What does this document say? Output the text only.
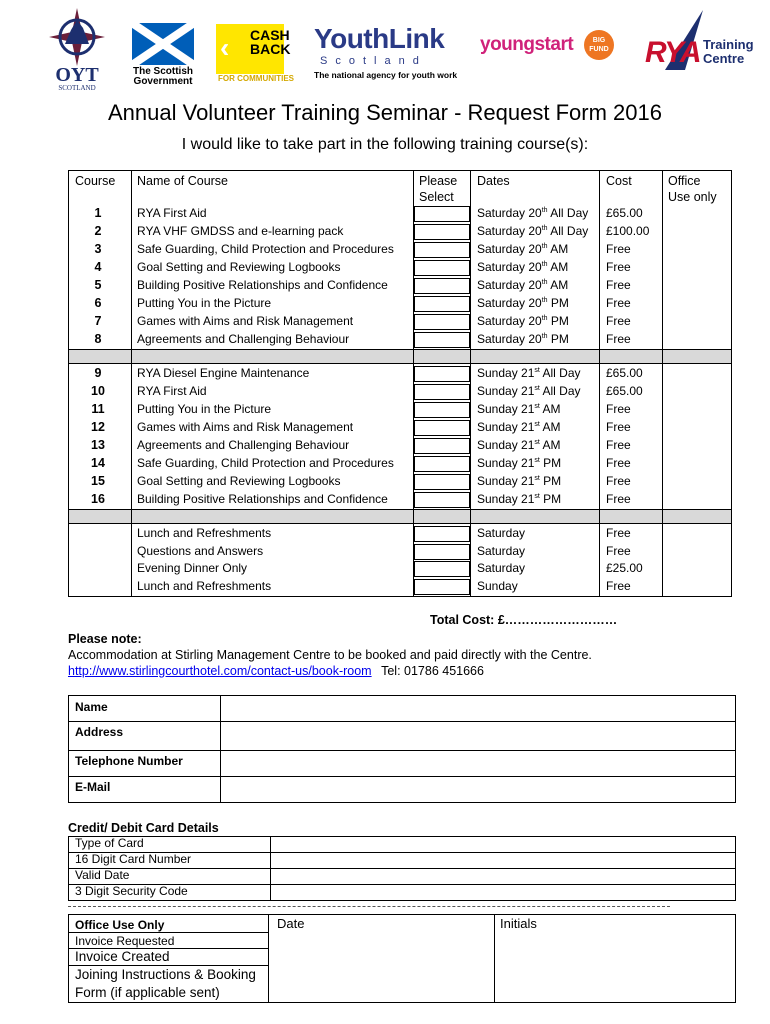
OYT
SCOTLAND
The Scottish
Government
‹ CASH
BACK
FOR COMMUNITIES
YouthLink
Scotland
The national agency for youth work
youngstart	BIG
FUND RYA Training
Centre
Annual Volunteer Training Seminar - Request Form 2016
I would like to take part in the following training course(s):
Course Name of Course	Please
Select
Dates	Cost	Office
Use only
1	RYA First Aid	Saturday 20th All Day £65.00
2	RYA VHF GMDSS and e-learning pack	Saturday 20th All Day £100.00
3	Safe Guarding, Child Protection and Procedures	Saturday 20th AM	Free
4	Goal Setting and Reviewing Logbooks	Saturday 20th AM	Free
5	Building Positive Relationships and Confidence	Saturday 20th AM	Free
6	Putting You in the Picture	Saturday 20th PM	Free
7	Games with Aims and Risk Management	Saturday 20th PM	Free
8	Agreements and Challenging Behaviour	Saturday 20th PM	Free
9	RYA Diesel Engine Maintenance	Sunday 21st All Day £65.00
10	RYA First Aid	Sunday 21st All Day £65.00
11	Putting You in the Picture	Sunday 21st AM	Free
12	Games with Aims and Risk Management	Sunday 21st AM	Free
13	Agreements and Challenging Behaviour	Sunday 21st AM	Free
14	Safe Guarding, Child Protection and Procedures	Sunday 21st PM	Free
15	Goal Setting and Reviewing Logbooks	Sunday 21st PM	Free
16	Building Positive Relationships and Confidence	Sunday 21st PM	Free
Lunch and Refreshments	Saturday	Free
Questions and Answers	Saturday	Free
Evening Dinner Only	Saturday	£25.00
Lunch and Refreshments	Sunday	Free
Total Cost: £………………………
Please note:
Accommodation at Stirling Management Centre to be booked and paid directly with the Centre.
http://www.stirlingcourthotel.com/contact-us/book-room Tel: 01786 451666
Name
Address
Telephone Number
E-Mail
Credit/ Debit Card Details
Type of Card
16 Digit Card Number
Valid Date
3 Digit Security Code
Office Use Only	Date	Initials
Invoice Requested
Invoice Created
Joining Instructions & Booking
Form (if applicable sent)
